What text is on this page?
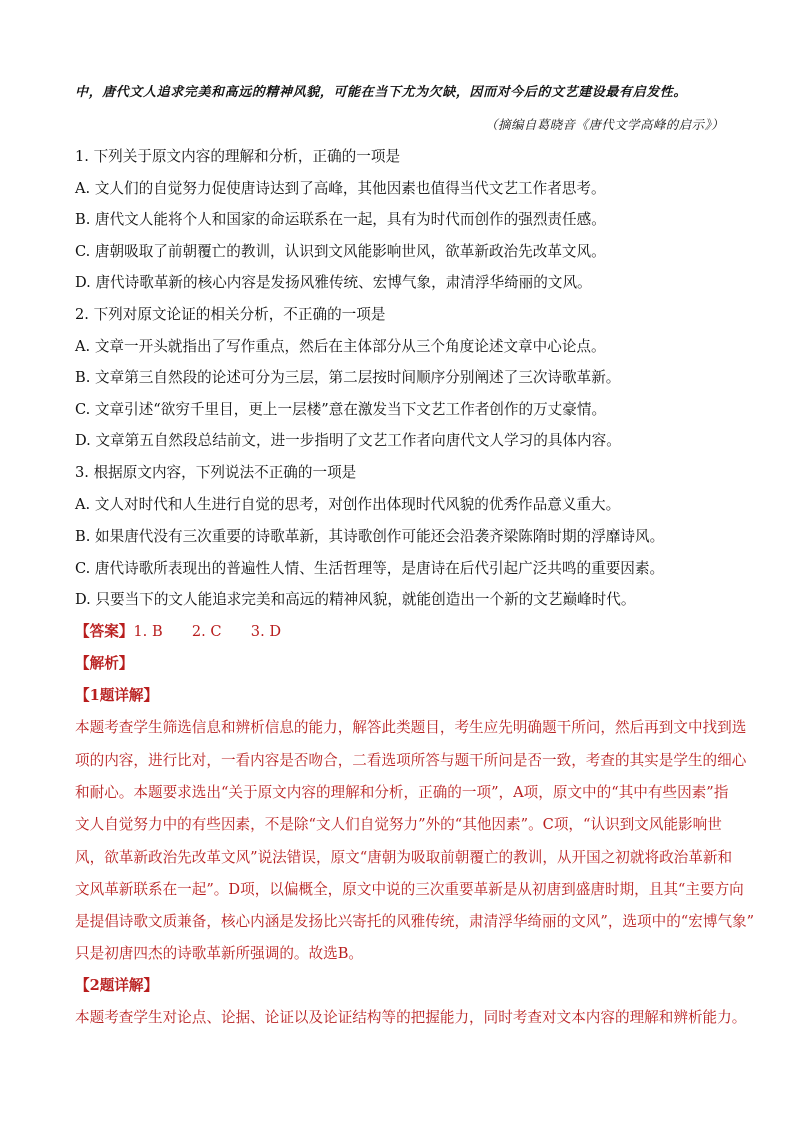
中，唐代文人追求完美和高远的精神风貌，可能在当下尤为欠缺，因而对今后的文艺建设最有启发性。
（摘编自葛晓音《唐代文学高峰的启示》）
1. 下列关于原文内容的理解和分析，正确的一项是
A. 文人们的自觉努力促使唐诗达到了高峰，其他因素也值得当代文艺工作者思考。
B. 唐代文人能将个人和国家的命运联系在一起，具有为时代而创作的强烈责任感。
C. 唐朝吸取了前朝覆亡的教训，认识到文风能影响世风，欲革新政治先改革文风。
D. 唐代诗歌革新的核心内容是发扬风雅传统、宏博气象，肃清浮华绮丽的文风。
2. 下列对原文论证的相关分析，不正确的一项是
A. 文章一开头就指出了写作重点，然后在主体部分从三个角度论述文章中心论点。
B. 文章第三自然段的论述可分为三层，第二层按时间顺序分别阐述了三次诗歌革新。
C. 文章引述“欲穷千里目，更上一层楼”意在激发当下文艺工作者创作的万丈豪情。
D. 文章第五自然段总结前文，进一步指明了文艺工作者向唐代文人学习的具体内容。
3. 根据原文内容，下列说法不正确的一项是
A. 文人对时代和人生进行自觉的思考，对创作出体现时代风貌的优秀作品意义重大。
B. 如果唐代没有三次重要的诗歌革新，其诗歌创作可能还会沿袭齐梁陈隋时期的浮靡诗风。
C. 唐代诗歌所表现出的普遍性人情、生活哲理等，是唐诗在后代引起广泛共鸣的重要因素。
D. 只要当下的文人能追求完美和高远的精神风貌，就能创造出一个新的文艺巅峰时代。
【答案】1. B　　2. C　　3. D
【解析】
【1题详解】
本题考查学生筛选信息和辨析信息的能力，解答此类题目，考生应先明确题干所问，然后再到文中找到选
项的内容，进行比对，一看内容是否吻合，二看选项所答与题干所问是否一致，考查的其实是学生的细心
和耐心。本题要求选出“关于原文内容的理解和分析，正确的一项”，A项，原文中的“其中有些因素”指
文人自觉努力中的有些因素，不是除“文人们自觉努力”外的“其他因素”。C项，“认识到文风能影响世
风，欲革新政治先改革文风”说法错误，原文“唐朝为吸取前朝覆亡的教训，从开国之初就将政治革新和
文风革新联系在一起”。D项，以偏概全，原文中说的三次重要革新是从初唐到盛唐时期，且其“主要方向
是提倡诗歌文质兼备，核心内涵是发扬比兴寄托的风雅传统，肃清浮华绮丽的文风”，选项中的“宏博气象”
只是初唐四杰的诗歌革新所强调的。故选B。
【2题详解】
本题考查学生对论点、论据、论证以及论证结构等的把握能力，同时考查对文本内容的理解和辨析能力。
